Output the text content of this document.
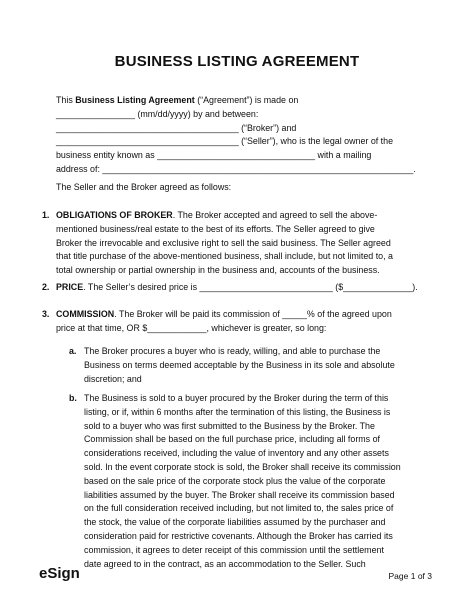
BUSINESS LISTING AGREEMENT
This Business Listing Agreement (“Agreement”) is made on
________________ (mm/dd/yyyy) by and between:
_____________________________________ (“Broker”) and
_____________________________________ (“Seller”), who is the legal owner of the
business entity known as ________________________________ with a mailing
address of: _______________________________________________________________.
The Seller and the Broker agreed as follows:
1. OBLIGATIONS OF BROKER. The Broker accepted and agreed to sell the above-
mentioned business/real estate to the best of its efforts. The Seller agreed to give
Broker the irrevocable and exclusive right to sell the said business. The Seller agreed
that title purchase of the above-mentioned business, shall include, but not limited to, a
total ownership or partial ownership in the business and, accounts of the business.
2. PRICE. The Seller’s desired price is ___________________________ ($______________).
3. COMMISSION. The Broker will be paid its commission of _____% of the agreed upon
price at that time, OR $____________, whichever is greater, so long:
a. The Broker procures a buyer who is ready, willing, and able to purchase the
Business on terms deemed acceptable by the Business in its sole and absolute
discretion; and
b. The Business is sold to a buyer procured by the Broker during the term of this
listing, or if, within 6 months after the termination of this listing, the Business is
sold to a buyer who was first submitted to the Business by the Broker. The
Commission shall be based on the full purchase price, including all forms of
considerations received, including the value of inventory and any other assets
sold. In the event corporate stock is sold, the Broker shall receive its commission
based on the sale price of the corporate stock plus the value of the corporate
liabilities assumed by the buyer. The Broker shall receive its commission based
on the full consideration received including, but not limited to, the sales price of
the stock, the value of the corporate liabilities assumed by the purchaser and
consideration paid for restrictive covenants. Although the Broker has carried its
commission, it agrees to deter receipt of this commission until the settlement
date agreed to in the contract, as an accommodation to the Seller. Such
eSign	Page 1 of 3
